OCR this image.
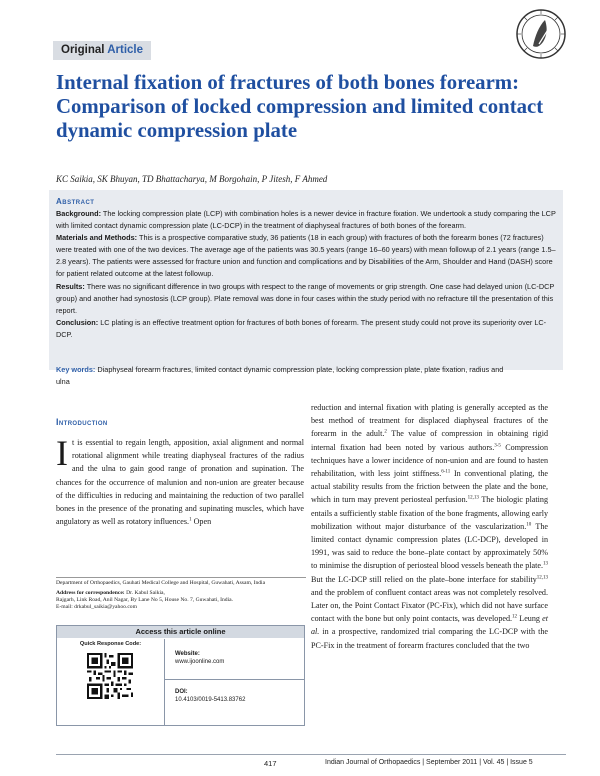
Original Article
Internal fixation of fractures of both bones forearm: Comparison of locked compression and limited contact dynamic compression plate
KC Saikia, SK Bhuyan, TD Bhattacharya, M Borgohain, P Jitesh, F Ahmed
Abstract

Background: The locking compression plate (LCP) with combination holes is a newer device in fracture fixation. We undertook a study comparing the LCP with limited contact dynamic compression plate (LC-DCP) in the treatment of diaphyseal fractures of both bones of the forearm.

Materials and Methods: This is a prospective comparative study, 36 patients (18 in each group) with fractures of both the forearm bones (72 fractures) were treated with one of the two devices. The average age of the patients was 30.5 years (range 16–60 years) with mean followup of 2.1 years (range 1.5–2.8 years). The patients were assessed for fracture union and function and complications and by Disabilities of the Arm, Shoulder and Hand (DASH) score for patient related outcome at the latest followup.

Results: There was no significant difference in two groups with respect to the range of movements or grip strength. One case had delayed union (LC-DCP group) and another had synostosis (LCP group). Plate removal was done in four cases within the study period with no refracture till the presentation of this report.

Conclusion: LC plating is an effective treatment option for fractures of both bones of forearm. The present study could not prove its superiority over LC-DCP.

Key words: Diaphyseal forearm fractures, limited contact dynamic compression plate, locking compression plate, plate fixation, radius and ulna
Introduction

It is essential to regain length, apposition, axial alignment and normal rotational alignment while treating diaphyseal fractures of the radius and the ulna to gain good range of pronation and supination. The chances for the occurrence of malunion and non-union are greater because of the difficulties in reducing and maintaining the reduction of two parallel bones in the presence of the pronating and supinating muscles, which have angulatory as well as rotatory influences.$^1$ Open

reduction and internal fixation with plating is generally accepted as the best method of treatment for displaced diaphyseal fractures of the forearm in the adult.$^2$ The value of compression in obtaining rigid internal fixation had been noted by various authors.$^{3-5}$ Compression techniques have a lower incidence of non-union and are found to hasten rehabilitation, with less joint stiffness.$^{6-11}$ In conventional plating, the actual stability results from the friction between the plate and the bone, which in turn may prevent periosteal perfusion.$^{12,13}$ The biologic plating entails a sufficiently stable fixation of the bone fragments, allowing early mobilization without major disturbance of the vascularization.$^{10}$ The limited contact dynamic compression plates (LC-DCP), developed in 1991, was said to reduce the bone–plate contact by approximately 50% to minimise the disruption of periosteal blood vessels beneath the plate.$^{13}$ But the LC-DCP still relied on the plate–bone interface for stability$^{12,13}$ and the problem of confluent contact areas was not completely resolved. Later on, the Point Contact Fixator (PC-Fix), which did not have surface contact with the bone but only point contacts, was developed.$^{12}$ Leung et al. in a prospective, randomized trial comparing the LC-DCP with the PC-Fix in the treatment of forearm fractures concluded that the two

Department of Orthopaedics, Gauhati Medical College and Hospital, Guwahati, Assam, India

Address for correspondence: Dr. Kabul Saikia,
Rajgarh, Link Road, Anil Nagar, By Lane No 5, House No. 7, Guwahati, India.
E-mail: drkabul_saikia@yahoo.com

Access this article online
Quick Response Code:
Website:
www.ijoonline.com
DOI:
10.4103/0019-5413.83762
417	Indian Journal of Orthopaedics | September 2011 | Vol. 45 | Issue 5
